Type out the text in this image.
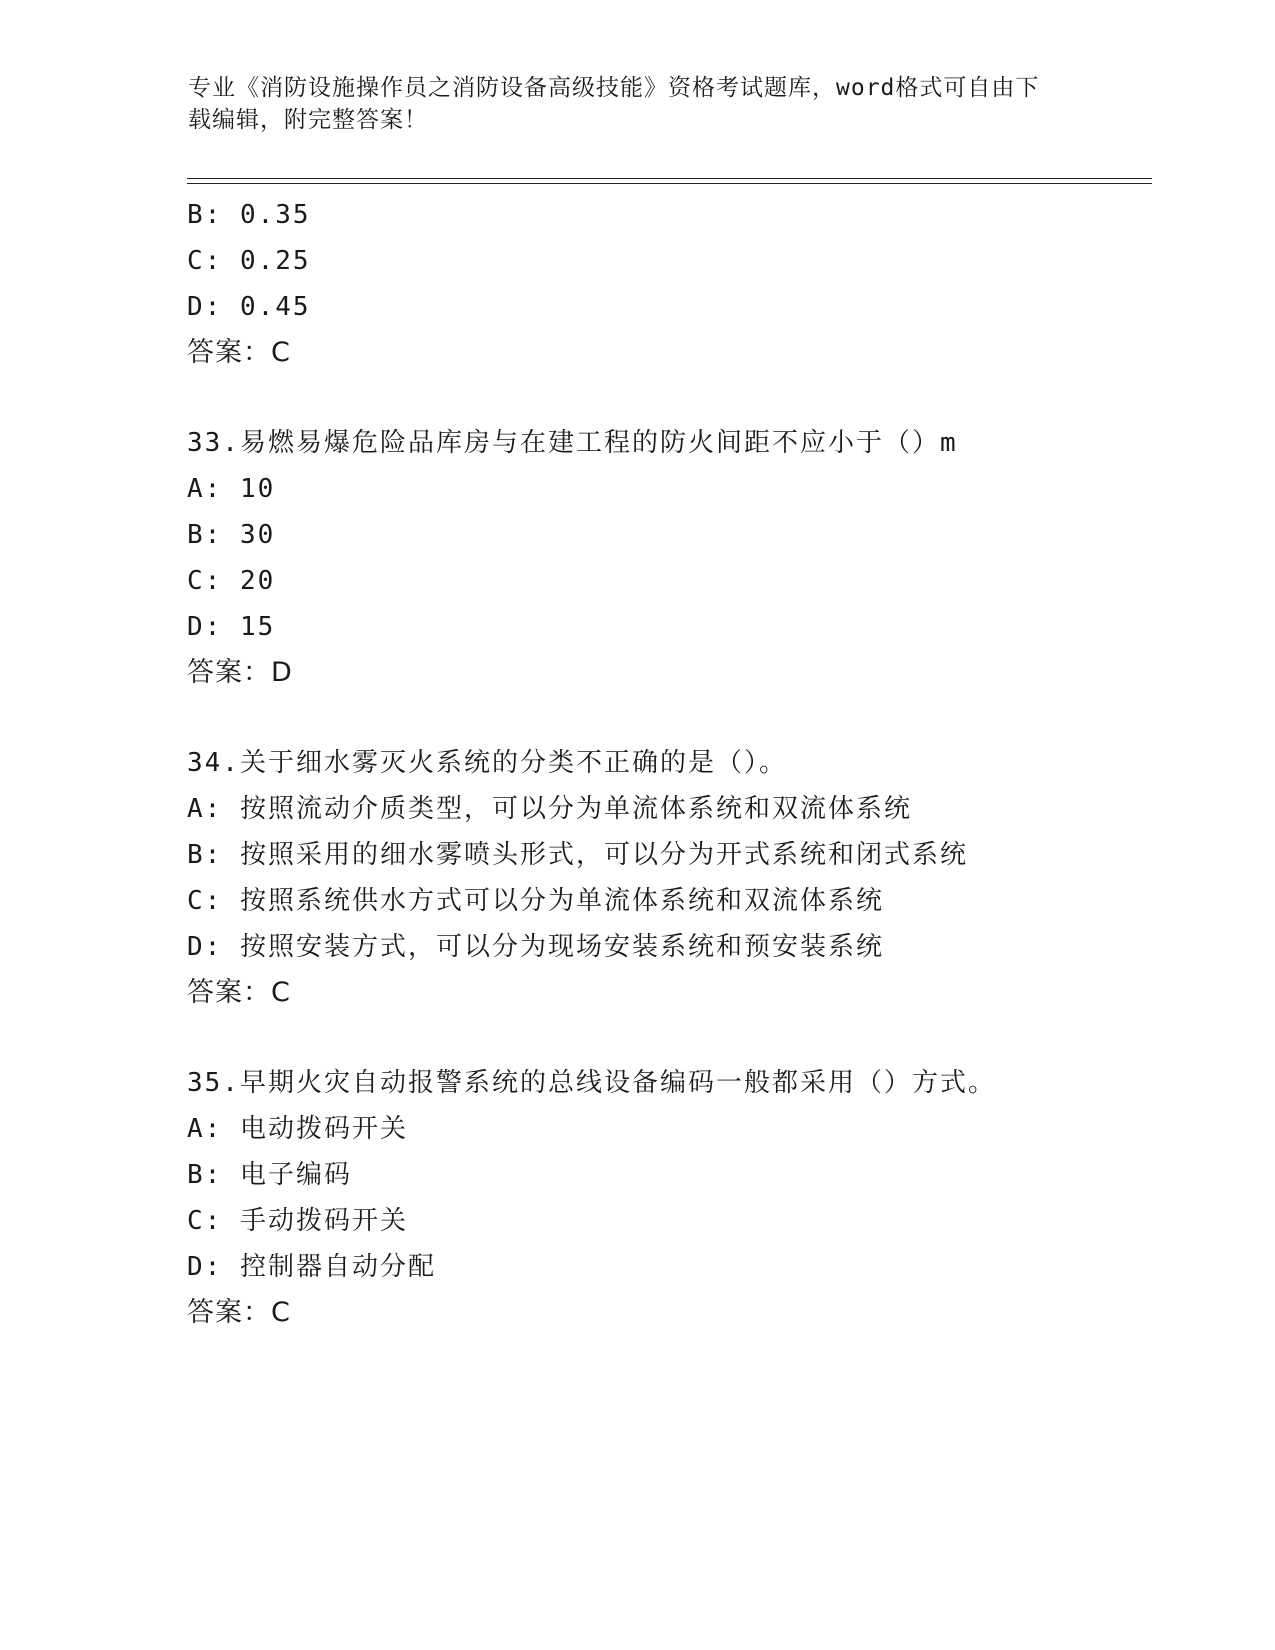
专业《消防设施操作员之消防设备高级技能》资格考试题库，word格式可自由下
载编辑，附完整答案！
B: 0.35
C: 0.25
D: 0.45
答案：C
33.易燃易爆危险品库房与在建工程的防火间距不应小于（）m
A: 10
B: 30
C: 20
D: 15
答案：D
34.关于细水雾灭火系统的分类不正确的是（）。
A: 按照流动介质类型，可以分为单流体系统和双流体系统
B: 按照采用的细水雾喷头形式，可以分为开式系统和闭式系统
C: 按照系统供水方式可以分为单流体系统和双流体系统
D: 按照安装方式，可以分为现场安装系统和预安装系统
答案：C
35.早期火灾自动报警系统的总线设备编码一般都采用（）方式。
A: 电动拨码开关
B: 电子编码
C: 手动拨码开关
D: 控制器自动分配
答案：C
